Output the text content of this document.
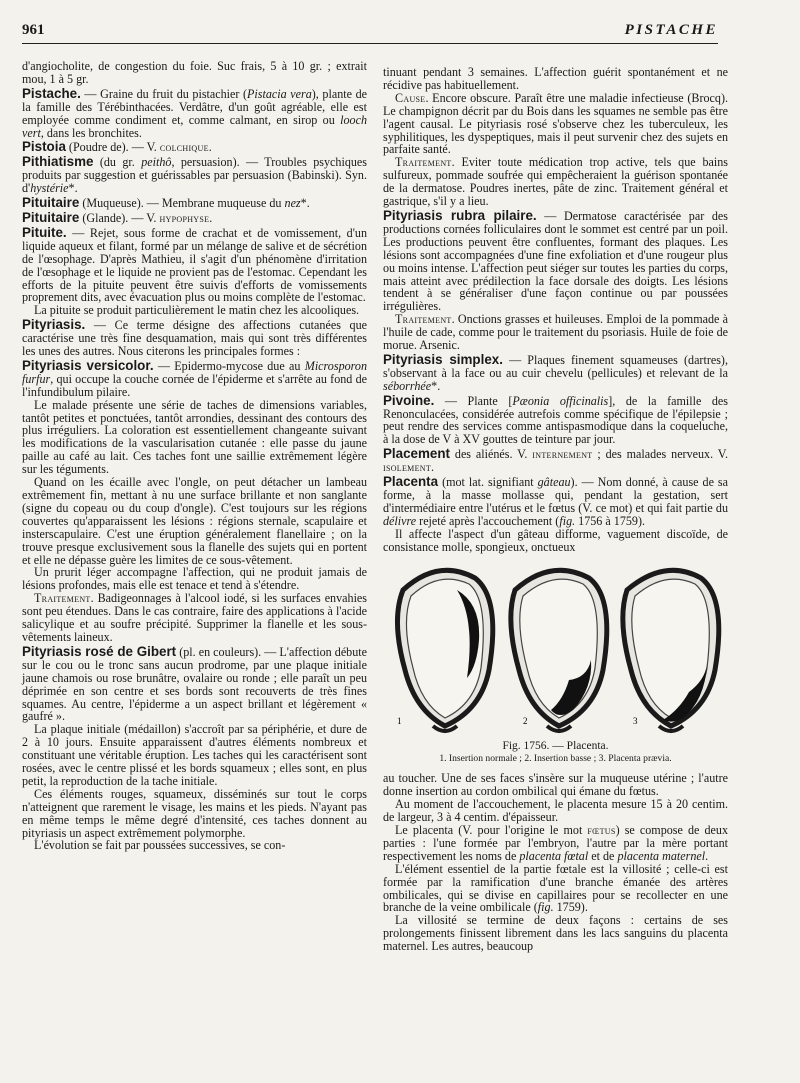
961	PISTACHE

d'angiocholite, de congestion du foie. Suc frais, 5 à 10 gr. ; extrait mou, 1 à 5 gr.

Pistache. — Graine du fruit du pistachier (Pistacia vera), plante de la famille des Térébinthacées. Verdâtre, d'un goût agréable, elle est employée comme condiment et, comme calmant, en sirop ou looch vert, dans les bronchites.

Pistoia (Poudre de). — V. colchique.

Pithiatisme (du gr. peithô, persuasion). — Troubles psychiques produits par suggestion et guérissables par persuasion (Babinski). Syn. d'hystérie*.

Pituitaire (Muqueuse). — Membrane muqueuse du nez*.

Pituitaire (Glande). — V. hypophyse.

Pituite. — Rejet, sous forme de crachat et de vomissement, d'un liquide aqueux et filant, formé par un mélange de salive et de sécrétion de l'œsophage. D'après Mathieu, il s'agit d'un phénomène d'irritation de l'œsophage et le liquide ne provient pas de l'estomac. Cependant les efforts de la pituite peuvent être suivis d'efforts de vomissements proprement dits, avec évacuation plus ou moins complète de l'estomac.

La pituite se produit particulièrement le matin chez les alcooliques.

Pityriasis. — Ce terme désigne des affections cutanées que caractérise une très fine desquamation, mais qui sont très différentes les unes des autres. Nous citerons les principales formes :

Pityriasis versicolor. — Epidermo-mycose due au Microsporon furfur, qui occupe la couche cornée de l'épiderme et s'arrête au fond de l'infundibulum pilaire.

Le malade présente une série de taches de dimensions variables, tantôt petites et ponctuées, tantôt arrondies, dessinant des contours des plus irréguliers. La coloration est essentiellement changeante suivant les modifications de la vascularisation cutanée : elle passe du jaune paille au café au lait. Ces taches font une saillie extrêmement légère sur les téguments.

Quand on les écaille avec l'ongle, on peut détacher un lambeau extrêmement fin, mettant à nu une surface brillante et non sanglante (signe du copeau ou du coup d'ongle). C'est toujours sur les régions couvertes qu'apparaissent les lésions : régions sternale, scapulaire et insterscapulaire. C'est une éruption généralement flanellaire ; on la trouve presque exclusivement sous la flanelle des sujets qui en portent et elle ne dépasse guère les limites de ce sous-vêtement.

Un prurit léger accompagne l'affection, qui ne produit jamais de lésions profondes, mais elle est tenace et tend à s'étendre.

Traitement. Badigeonnages à l'alcool iodé, si les surfaces envahies sont peu étendues. Dans le cas contraire, faire des applications à l'acide salicylique et au soufre précipité. Supprimer la flanelle et les sous-vêtements laineux.

Pityriasis rosé de Gibert (pl. en couleurs). — L'affection débute sur le cou ou le tronc sans aucun prodrome, par une plaque initiale jaune chamois ou rose brunâtre, ovalaire ou ronde ; elle paraît un peu déprimée en son centre et ses bords sont recouverts de très fines squames. Au centre, l'épiderme a un aspect brillant et légèrement « gaufré ».

La plaque initiale (médaillon) s'accroît par sa périphérie, et dure de 2 à 10 jours. Ensuite apparaissent d'autres éléments nombreux et constituant une véritable éruption. Les taches qui les caractérisent sont rosées, avec le centre plissé et les bords squameux ; elles sont, en plus petit, la reproduction de la tache initiale.

Ces éléments rouges, squameux, disséminés sur tout le corps n'atteignent que rarement le visage, les mains et les pieds. N'ayant pas en même temps le même degré d'intensité, ces taches donnent au pityriasis un aspect extrêmement polymorphe.

L'évolution se fait par poussées successives, se con-

tinuant pendant 3 semaines. L'affection guérit spontanément et ne récidive pas habituellement.

Cause. Encore obscure. Paraît être une maladie infectieuse (Brocq). Le champignon décrit par du Bois dans les squames ne semble pas être l'agent causal. Le pityriasis rosé s'observe chez les tuberculeux, les syphilitiques, les dyspeptiques, mais il peut survenir chez des sujets en parfaite santé.

Traitement. Eviter toute médication trop active, tels que bains sulfureux, pommade soufrée qui empêcheraient la guérison spontanée de la dermatose. Poudres inertes, pâte de zinc. Traitement général et gastrique, s'il y a lieu.

Pityriasis rubra pilaire. — Dermatose caractérisée par des productions cornées folliculaires dont le sommet est centré par un poil. Les productions peuvent être confluentes, formant des plaques. Les lésions sont accompagnées d'une fine exfoliation et d'une rougeur plus ou moins intense. L'affection peut siéger sur toutes les parties du corps, mais atteint avec prédilection la face dorsale des doigts. Les lésions tendent à se généraliser d'une façon continue ou par poussées irrégulières.

Traitement. Onctions grasses et huileuses. Emploi de la pommade à l'huile de cade, comme pour le traitement du psoriasis. Huile de foie de morue. Arsenic.

Pityriasis simplex. — Plaques finement squameuses (dartres), s'observant à la face ou au cuir chevelu (pellicules) et relevant de la séborrhée*.

Pivoine. — Plante [Pæonia officinalis], de la famille des Renonculacées, considérée autrefois comme spécifique de l'épilepsie ; peut rendre des services comme antispasmodique dans la coqueluche, à la dose de V à XV gouttes de teinture par jour.

Placement des aliénés. V. internement ; des malades nerveux. V. isolement.

Placenta (mot lat. signifiant gâteau). — Nom donné, à cause de sa forme, à la masse mollasse qui, pendant la gestation, sert d'intermédiaire entre l'utérus et le fœtus (V. ce mot) et qui fait partie du délivre rejeté après l'accouchement (fig. 1756 à 1759).

Il affecte l'aspect d'un gâteau difforme, vaguement discoïde, de consistance molle, spongieux, onctueux

1	2	3
Fig. 1756. — Placenta.
1. Insertion normale ; 2. Insertion basse ; 3. Placenta prævia.

au toucher. Une de ses faces s'insère sur la muqueuse utérine ; l'autre donne insertion au cordon ombilical qui émane du fœtus.

Au moment de l'accouchement, le placenta mesure 15 à 20 centim. de largeur, 3 à 4 centim. d'épaisseur.

Le placenta (V. pour l'origine le mot fœtus) se compose de deux parties : l'une formée par l'embryon, l'autre par la mère portant respectivement les noms de placenta fœtal et de placenta maternel.

L'élément essentiel de la partie fœtale est la villosité ; celle-ci est formée par la ramification d'une branche émanée des artères ombilicales, qui se divise en capillaires pour se recollecter en une branche de la veine ombilicale (fig. 1759).

La villosité se termine de deux façons : certains de ses prolongements finissent librement dans les lacs sanguins du placenta maternel. Les autres, beaucoup
